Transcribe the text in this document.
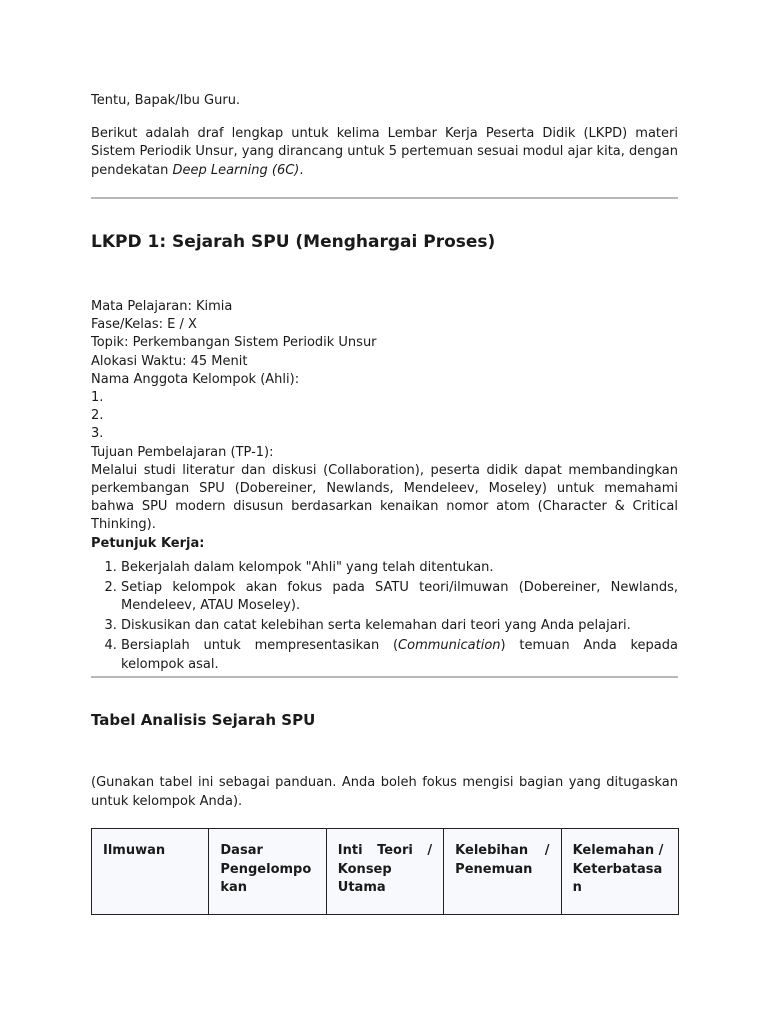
Tentu, Bapak/Ibu Guru.

Berikut adalah draf lengkap untuk kelima Lembar Kerja Peserta Didik (LKPD) materi Sistem Periodik Unsur, yang dirancang untuk 5 pertemuan sesuai modul ajar kita, dengan pendekatan Deep Learning (6C).

LKPD 1: Sejarah SPU (Menghargai Proses)

Mata Pelajaran: Kimia

Fase/Kelas: E / X

Topik: Perkembangan Sistem Periodik Unsur

Alokasi Waktu: 45 Menit

Nama Anggota Kelompok (Ahli):

1.

2.

3.

Tujuan Pembelajaran (TP-1):

Melalui studi literatur dan diskusi (Collaboration), peserta didik dapat membandingkan perkembangan SPU (Dobereiner, Newlands, Mendeleev, Moseley) untuk memahami bahwa SPU modern disusun berdasarkan kenaikan nomor atom (Character & Critical Thinking).

Petunjuk Kerja:

1. Bekerjalah dalam kelompok "Ahli" yang telah ditentukan.
2. Setiap kelompok akan fokus pada SATU teori/ilmuwan (Dobereiner, Newlands, Mendeleev, ATAU Moseley).
3. Diskusikan dan catat kelebihan serta kelemahan dari teori yang Anda pelajari.
4. Bersiaplah untuk mempresentasikan (Communication) temuan Anda kepada kelompok asal.
Tabel Analisis Sejarah SPU

(Gunakan tabel ini sebagai panduan. Anda boleh fokus mengisi bagian yang ditugaskan untuk kelompok Anda).

Ilmuwan	Dasar Pengelompo kan	Inti Teori / Konsep Utama	Kelebihan / Penemuan	Kelemahan / Keterbatasa n
